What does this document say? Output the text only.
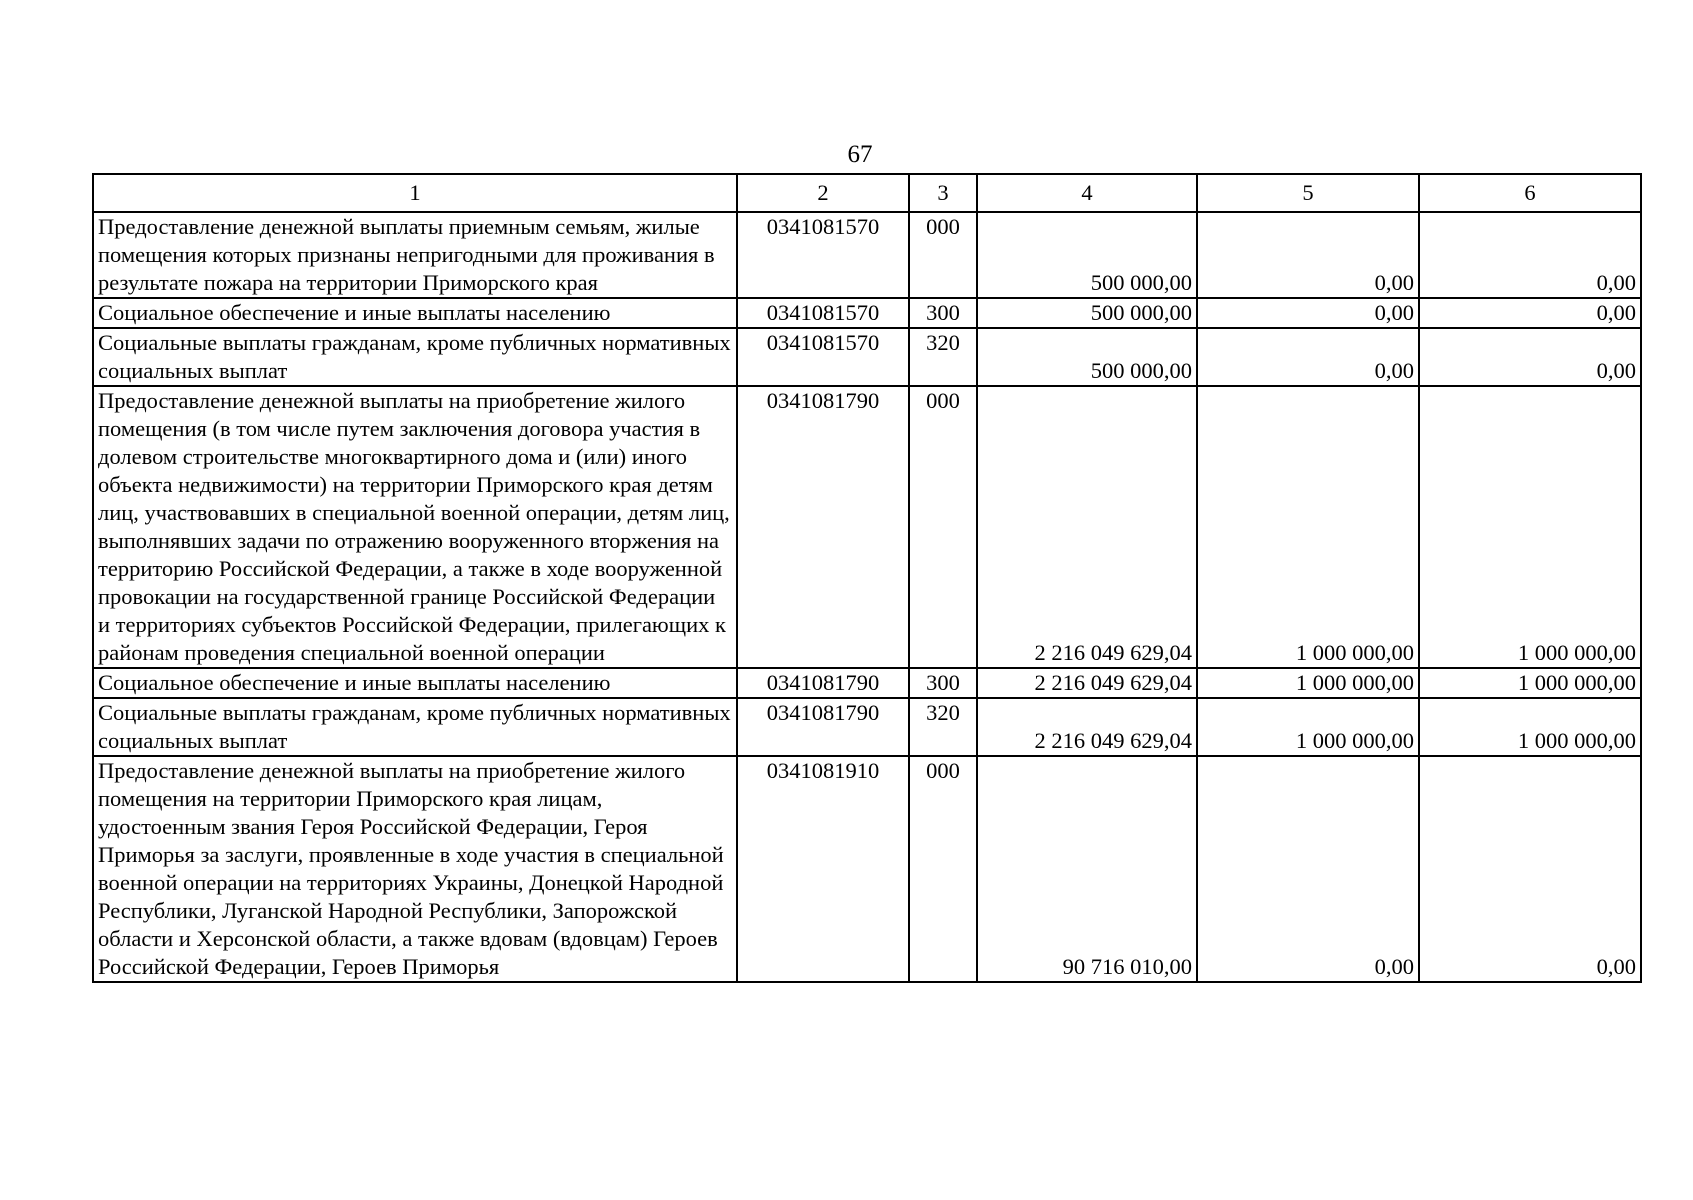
67
1	2	3	4	5	6
Предоставление денежной выплаты приемным семьям, жилые помещения которых признаны непригодными для проживания в результате пожара на территории Приморского края	0341081570	000	500 000,00	0,00	0,00
Социальное обеспечение и иные выплаты населению	0341081570	300	500 000,00	0,00	0,00
Социальные выплаты гражданам, кроме публичных нормативных социальных выплат	0341081570	320	500 000,00	0,00	0,00
Предоставление денежной выплаты на приобретение жилого помещения (в том числе путем заключения договора участия в долевом строительстве многоквартирного дома и (или) иного объекта недвижимости) на территории Приморского края детям лиц, участвовавших в специальной военной операции, детям лиц, выполнявших задачи по отражению вооруженного вторжения на территорию Российской Федерации, а также в ходе вооруженной провокации на государственной границе Российской Федерации и территориях субъектов Российской Федерации, прилегающих к районам проведения специальной военной операции	0341081790	000	2 216 049 629,04	1 000 000,00	1 000 000,00
Социальное обеспечение и иные выплаты населению	0341081790	300	2 216 049 629,04	1 000 000,00	1 000 000,00
Социальные выплаты гражданам, кроме публичных нормативных социальных выплат	0341081790	320	2 216 049 629,04	1 000 000,00	1 000 000,00
Предоставление денежной выплаты на приобретение жилого помещения на территории Приморского края лицам, удостоенным звания Героя Российской Федерации, Героя Приморья за заслуги, проявленные в ходе участия в специальной военной операции на территориях Украины, Донецкой Народной Республики, Луганской Народной Республики, Запорожской области и Херсонской области, а также вдовам (вдовцам) Героев Российской Федерации, Героев Приморья	0341081910	000	90 716 010,00	0,00	0,00
